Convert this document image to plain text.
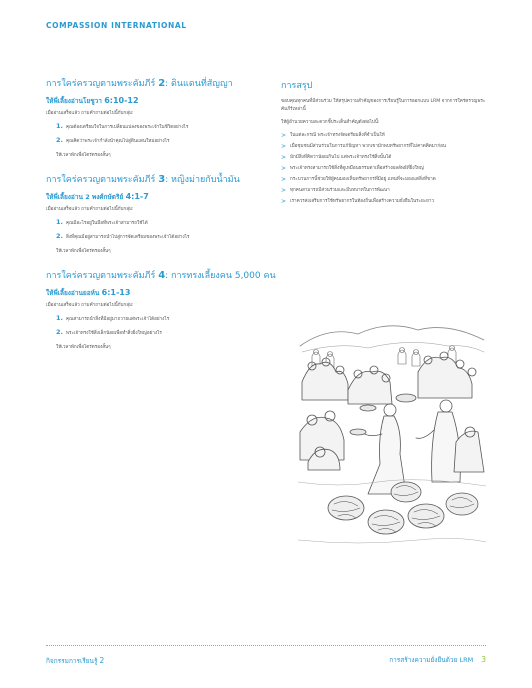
COMPASSION INTERNATIONAL
การใคร่ครวญตามพระคัมภีร์ 2: ดินแดนที่สัญญา
ให้พี่เลี้ยงอ่านโยชูวา 6:10-12
เมื่ออ่านเสร็จแล้ว ถามคำถามต่อไปนี้กับกลุ่ม:
1. คุณต้องเตรียมใจในการเปลี่ยนแปลงของพระเจ้าในชีวิตอย่างไร
2. คุณคิดว่าพระเจ้ากำลังนำคุณไปสู่ดินแดนใหม่อย่างไร
ให้เวลาพักเพื่อไตร่ตรองสั้นๆ
การใคร่ครวญตามพระคัมภีร์ 3: หญิงม่ายกับน้ำมัน
ให้พี่เลี้ยงอ่าน 2 พงศ์กษัตริย์ 4:1-7
เมื่ออ่านเสร็จแล้ว ถามคำถามต่อไปนี้กับกลุ่ม:
1. คุณมีอะไรอยู่ในมือที่พระเจ้าสามารถใช้ได้
2. สิ่งที่คุณมีอยู่สามารถนำไปสู่การจัดเตรียมของพระเจ้าได้อย่างไร
ให้เวลาพักเพื่อไตร่ตรองสั้นๆ
การใคร่ครวญตามพระคัมภีร์ 4: การทรงเลี้ยงคน 5,000 คน
ให้พี่เลี้ยงอ่านยอห์น 6:1-13
เมื่ออ่านเสร็จแล้ว ถามคำถามต่อไปนี้กับกลุ่ม:
1. คุณสามารถนำสิ่งที่มีอยู่มาถวายแด่พระเจ้าได้อย่างไร
2. พระเจ้าทรงใช้สิ่งเล็กน้อยเพื่อทำสิ่งยิ่งใหญ่อย่างไร
ให้เวลาพักเพื่อไตร่ตรองสั้นๆ
การสรุป
ขอบคุณทุกคนที่มีส่วนร่วม ให้สรุปความสำคัญของการเรียนรู้ในการออกแบบ LRM จากการใคร่ครวญพระคัมภีร์เหล่านี้
ให้ผู้อำนวยความสะดวกชี้ประเด็นสำคัญดังต่อไปนี้:
> ในแต่ละกรณี พระเจ้าทรงจัดเตรียมสิ่งที่จำเป็นให้
> เมื่อชุมชนมีส่วนร่วมในการแก้ปัญหา พวกเขามักพบทรัพยากรที่ไม่คาดคิดมาก่อน
> มักมีสิ่งที่คิดว่าน้อยเกินไป แต่พระเจ้าทรงใช้สิ่งนั้นได้
> พระเจ้าทรงสามารถใช้สิ่งที่ดูเหมือนธรรมดาเพื่อสร้างผลลัพธ์ที่ยิ่งใหญ่
> กระบวนการนี้ช่วยให้ผู้คนมองเห็นทรัพยากรที่มีอยู่ แทนที่จะมองแต่สิ่งที่ขาด
> ทุกคนสามารถมีส่วนร่วมและมีบทบาทในการพัฒนา
> เราควรส่งเสริมการใช้ทรัพยากรในท้องถิ่นเพื่อสร้างความยั่งยืนในระยะยาว
กิจกรรมการเรียนรู้ 2	การสร้างความยั่งยืนด้วย LRM 3
